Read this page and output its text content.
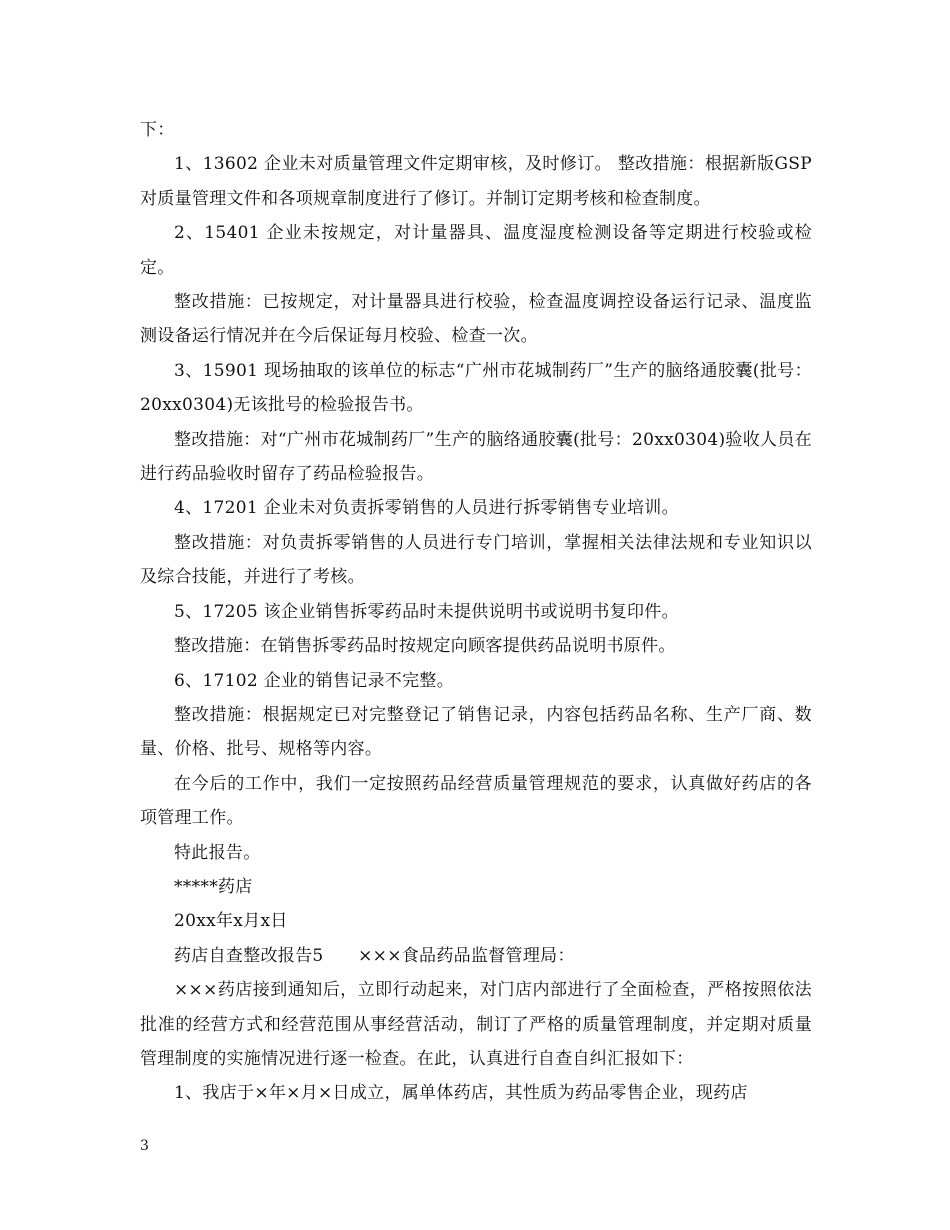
下：

1、13602 企业未对质量管理文件定期审核，及时修订。 整改措施：根据新版GSP对质量管理文件和各项规章制度进行了修订。并制订定期考核和检查制度。

2、15401 企业未按规定，对计量器具、温度湿度检测设备等定期进行校验或检定。

整改措施：已按规定，对计量器具进行校验，检查温度调控设备运行记录、温度监测设备运行情况并在今后保证每月校验、检查一次。

3、15901 现场抽取的该单位的标志“广州市花城制药厂”生产的脑络通胶囊(批号：20xx0304)无该批号的检验报告书。

整改措施：对“广州市花城制药厂”生产的脑络通胶囊(批号：20xx0304)验收人员在进行药品验收时留存了药品检验报告。

4、17201 企业未对负责拆零销售的人员进行拆零销售专业培训。

整改措施：对负责拆零销售的人员进行专门培训，掌握相关法律法规和专业知识以及综合技能，并进行了考核。

5、17205 该企业销售拆零药品时未提供说明书或说明书复印件。

整改措施：在销售拆零药品时按规定向顾客提供药品说明书原件。

6、17102 企业的销售记录不完整。

整改措施：根据规定已对完整登记了销售记录，内容包括药品名称、生产厂商、数量、价格、批号、规格等内容。

在今后的工作中，我们一定按照药品经营质量管理规范的要求，认真做好药店的各项管理工作。

特此报告。

*****药店

20xx年x月x日

药店自查整改报告5　　×××食品药品监督管理局：

×××药店接到通知后，立即行动起来，对门店内部进行了全面检查，严格按照依法批准的经营方式和经营范围从事经营活动，制订了严格的质量管理制度，并定期对质量管理制度的实施情况进行逐一检查。在此，认真进行自查自纠汇报如下：

1、我店于×年×月×日成立，属单体药店，其性质为药品零售企业，现药店

3
